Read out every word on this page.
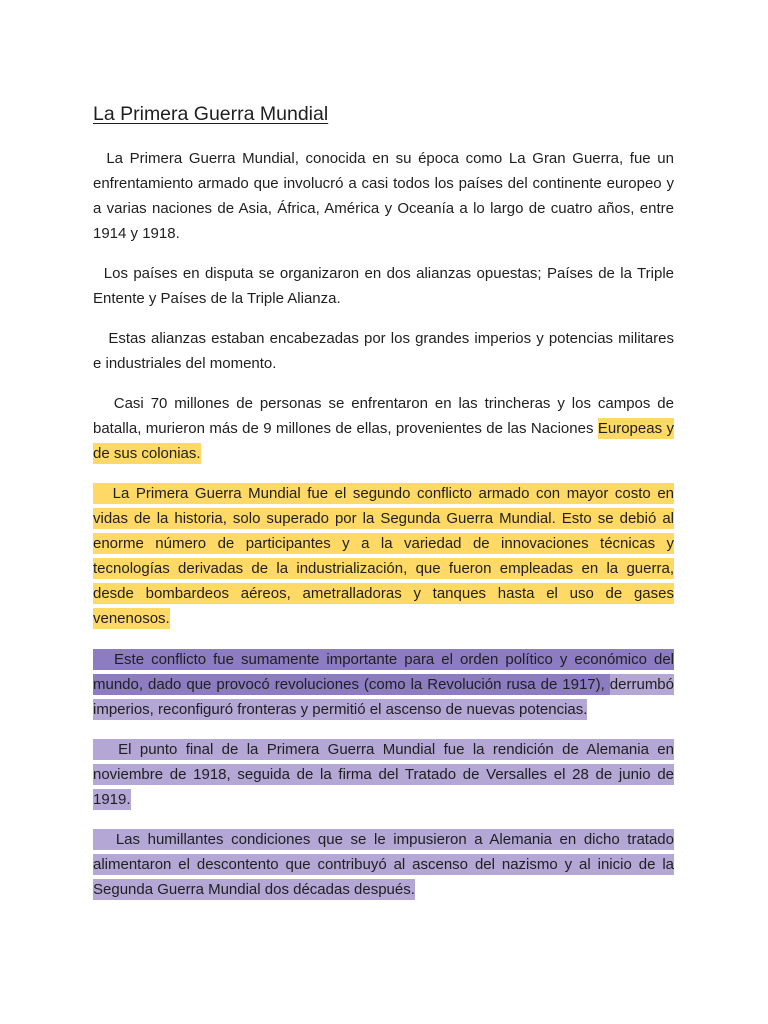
La Primera Guerra Mundial

La Primera Guerra Mundial, conocida en su época como La Gran Guerra, fue un enfrentamiento armado que involucró a casi todos los países del continente europeo y a varias naciones de Asia, África, América y Oceanía a lo largo de cuatro años, entre 1914 y 1918.

Los países en disputa se organizaron en dos alianzas opuestas; Países de la Triple Entente y Países de la Triple Alianza.

Estas alianzas estaban encabezadas por los grandes imperios y potencias militares e industriales del momento.

Casi 70 millones de personas se enfrentaron en las trincheras y los campos de batalla, murieron más de 9 millones de ellas, provenientes de las Naciones Europeas y de sus colonias.

La Primera Guerra Mundial fue el segundo conflicto armado con mayor costo en vidas de la historia, solo superado por la Segunda Guerra Mundial. Esto se debió al enorme número de participantes y a la variedad de innovaciones técnicas y tecnologías derivadas de la industrialización, que fueron empleadas en la guerra, desde bombardeos aéreos, ametralladoras y tanques hasta el uso de gases venenosos.

Este conflicto fue sumamente importante para el orden político y económico del mundo, dado que provocó revoluciones (como la Revolución rusa de 1917), derrumbó imperios, reconfiguró fronteras y permitió el ascenso de nuevas potencias.

El punto final de la Primera Guerra Mundial fue la rendición de Alemania en noviembre de 1918, seguida de la firma del Tratado de Versalles el 28 de junio de 1919.

Las humillantes condiciones que se le impusieron a Alemania en dicho tratado alimentaron el descontento que contribuyó al ascenso del nazismo y al inicio de la Segunda Guerra Mundial dos décadas después.
